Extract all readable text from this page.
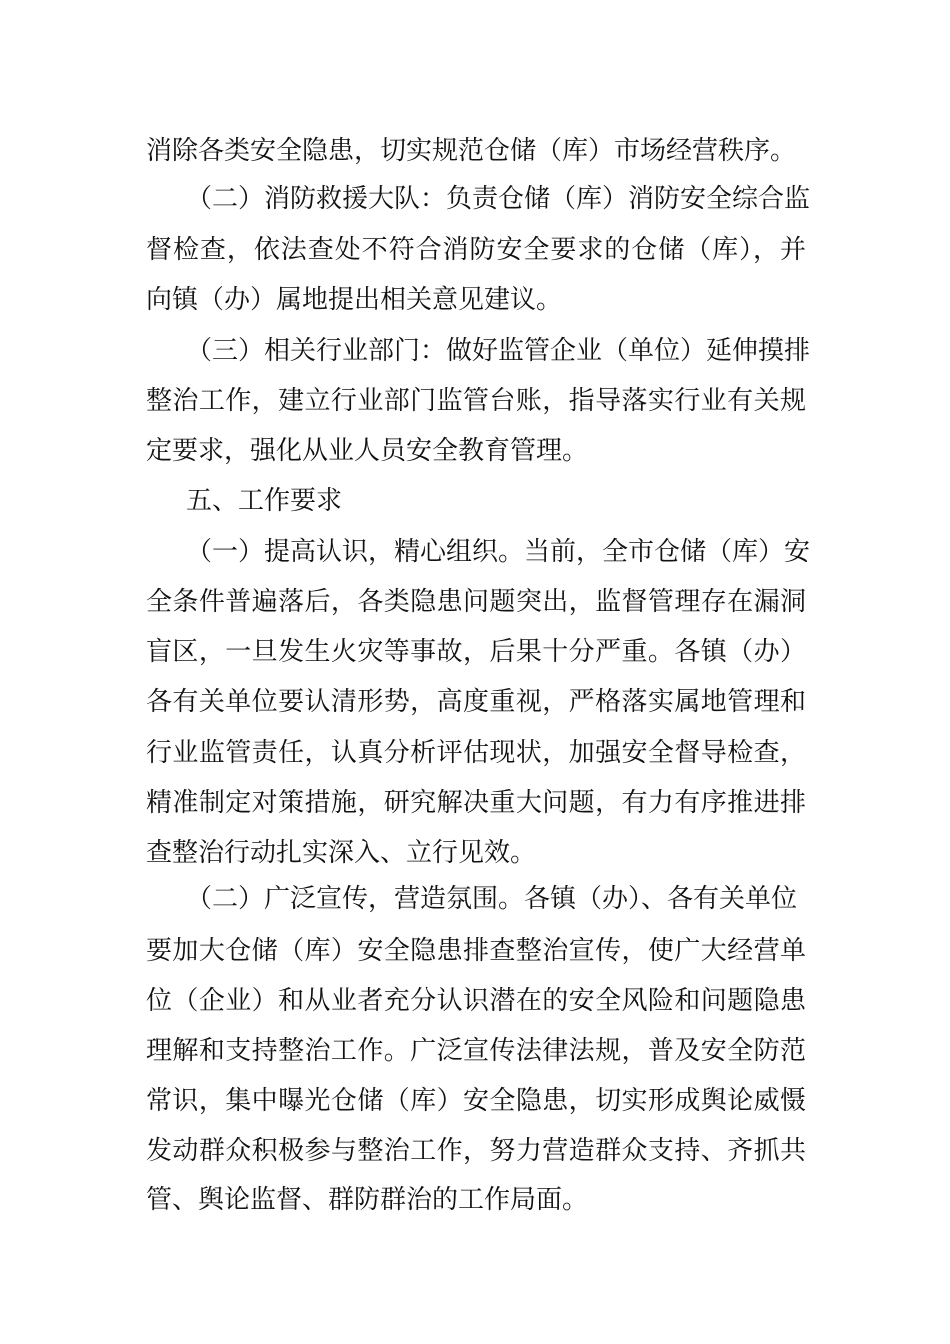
消除各类安全隐患，切实规范仓储（库）市场经营秩序。
（二）消防救援大队：负责仓储（库）消防安全综合监
督检查，依法查处不符合消防安全要求的仓储（库），并
向镇（办）属地提出相关意见建议。
（三）相关行业部门：做好监管企业（单位）延伸摸排
整治工作，建立行业部门监管台账，指导落实行业有关规
定要求，强化从业人员安全教育管理。
五、工作要求
（一）提高认识，精心组织。当前，全市仓储（库）安
全条件普遍落后，各类隐患问题突出，监督管理存在漏洞
盲区，一旦发生火灾等事故，后果十分严重。各镇（办）
各有关单位要认清形势，高度重视，严格落实属地管理和
行业监管责任，认真分析评估现状，加强安全督导检查，
精准制定对策措施，研究解决重大问题，有力有序推进排
查整治行动扎实深入、立行见效。
（二）广泛宣传，营造氛围。各镇（办）、各有关单位
要加大仓储（库）安全隐患排查整治宣传，使广大经营单
位（企业）和从业者充分认识潜在的安全风险和问题隐患
理解和支持整治工作。广泛宣传法律法规，普及安全防范
常识，集中曝光仓储（库）安全隐患，切实形成舆论威慑
发动群众积极参与整治工作，努力营造群众支持、齐抓共
管、舆论监督、群防群治的工作局面。
